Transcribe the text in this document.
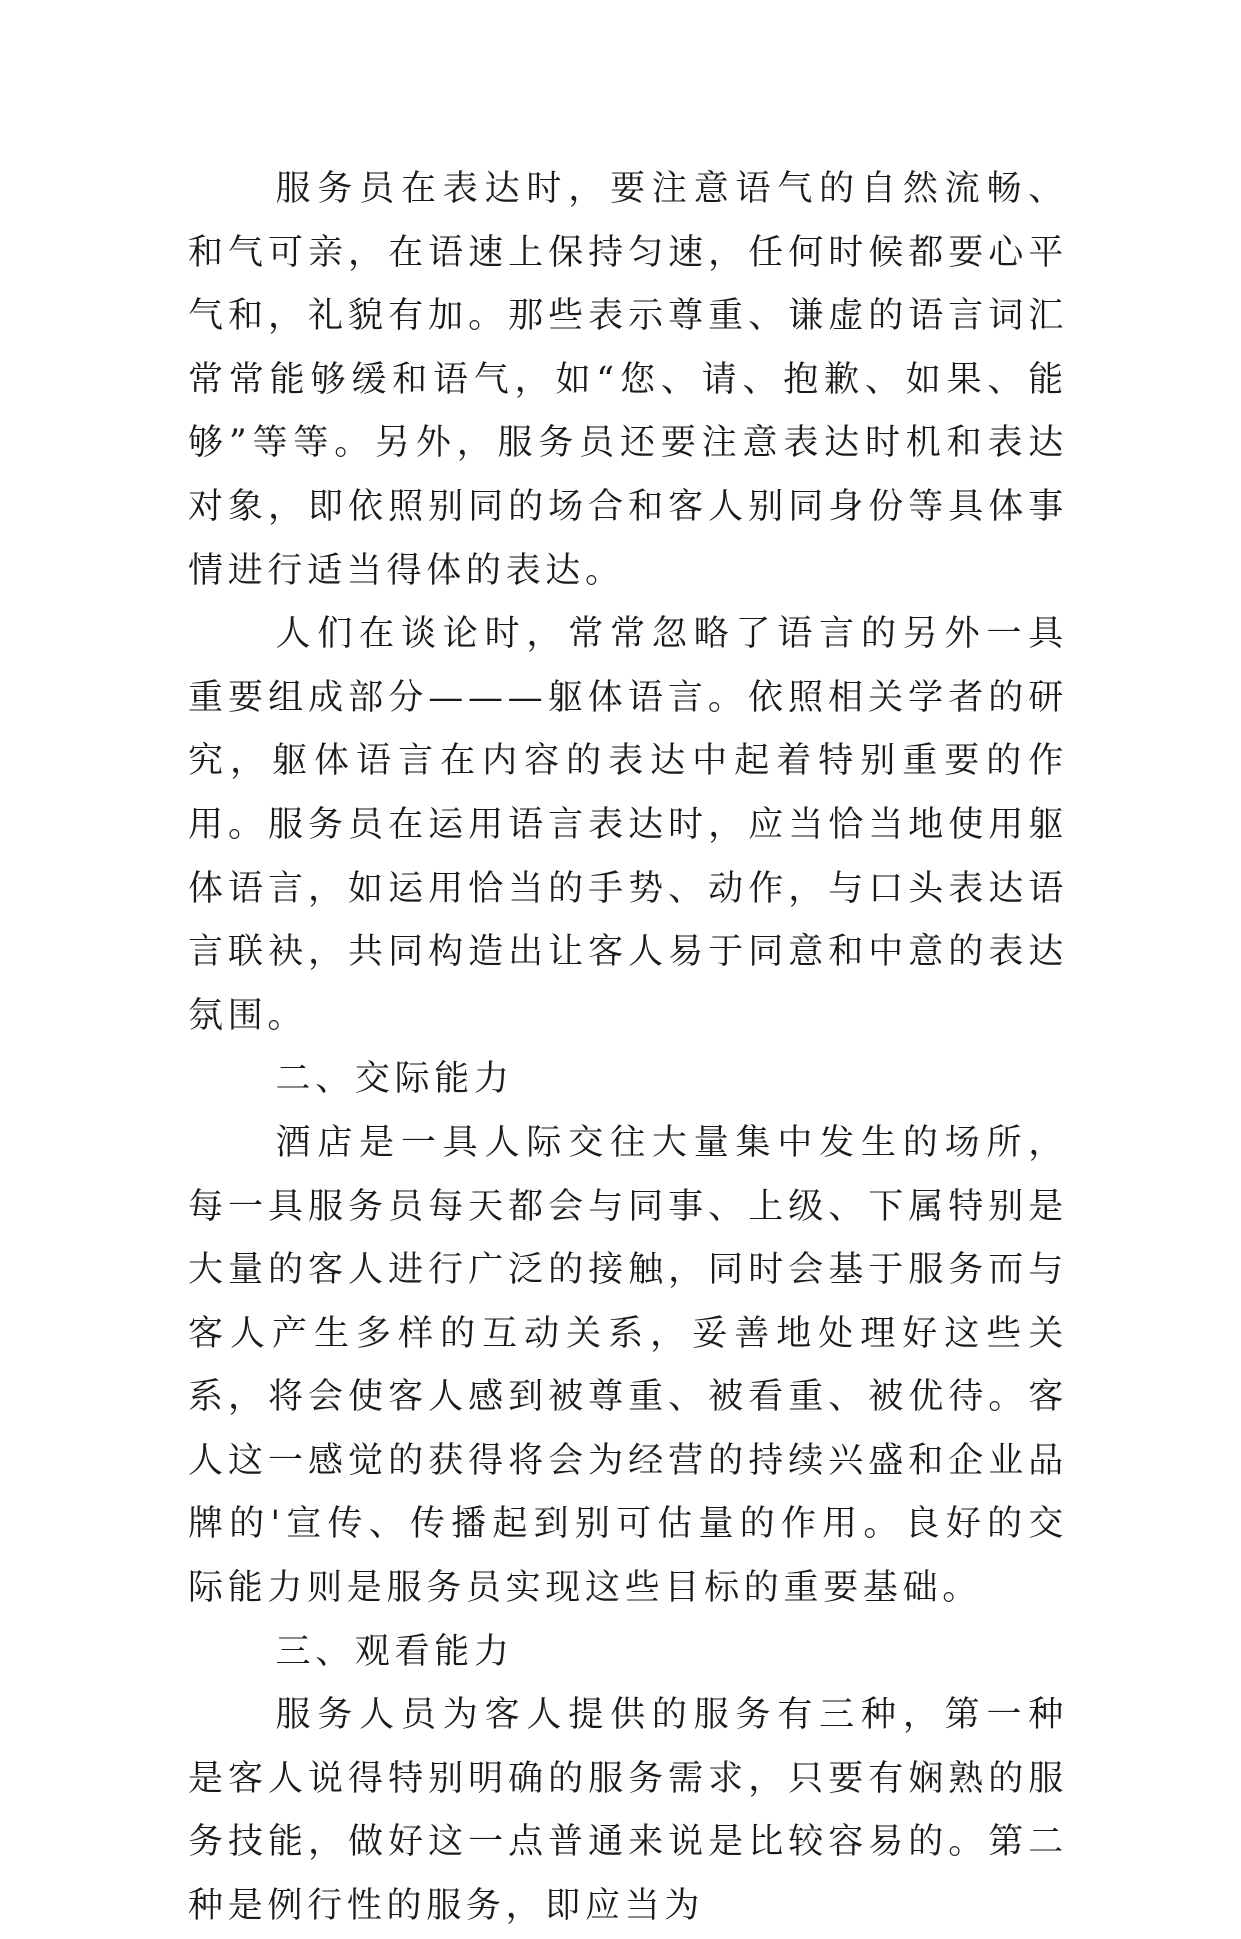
服务员在表达时，要注意语气的自然流畅、和气可亲，在语速上保持匀速，任何时候都要心平气和，礼貌有加。那些表示尊重、谦虚的语言词汇常常能够缓和语气，如“您、请、抱歉、如果、能够”等等。另外，服务员还要注意表达时机和表达对象，即依照别同的场合和客人别同身份等具体事情进行适当得体的表达。

人们在谈论时，常常忽略了语言的另外一具重要组成部分———躯体语言。依照相关学者的研究，躯体语言在内容的表达中起着特别重要的作用。服务员在运用语言表达时，应当恰当地使用躯体语言，如运用恰当的手势、动作，与口头表达语言联袂，共同构造出让客人易于同意和中意的表达氛围。

二、交际能力

酒店是一具人际交往大量集中发生的场所，每一具服务员每天都会与同事、上级、下属特别是大量的客人进行广泛的接触，同时会基于服务而与客人产生多样的互动关系，妥善地处理好这些关系，将会使客人感到被尊重、被看重、被优待。客人这一感觉的获得将会为经营的持续兴盛和企业品牌的'宣传、传播起到别可估量的作用。良好的交际能力则是服务员实现这些目标的重要基础。

三、观看能力

服务人员为客人提供的服务有三种，第一种是客人说得特别明确的服务需求，只要有娴熟的服务技能，做好这一点普通来说是比较容易的。第二种是例行性的服务，即应当为
